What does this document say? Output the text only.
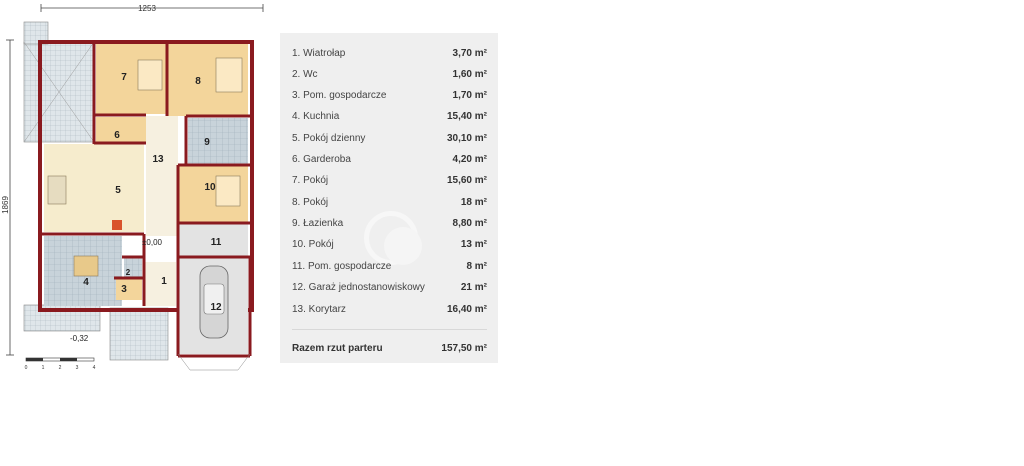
1253
1869
7	8
6
9
13
5	10
11
4
2
3
1
12
±0,00
-0,32
0	1	2	3	4
1. Wiatrołap	3,70 m²
2. Wc	1,60 m²
3. Pom. gospodarcze	1,70 m²
4. Kuchnia	15,40 m²
5. Pokój dzienny	30,10 m²
6. Garderoba	4,20 m²
7. Pokój	15,60 m²
8. Pokój	18 m²
9. Łazienka	8,80 m²
10. Pokój	13 m²
11. Pom. gospodarcze	8 m²
12. Garaż jednostanowiskowy	21 m²
13. Korytarz	16,40 m²
Razem rzut parteru	157,50 m²
